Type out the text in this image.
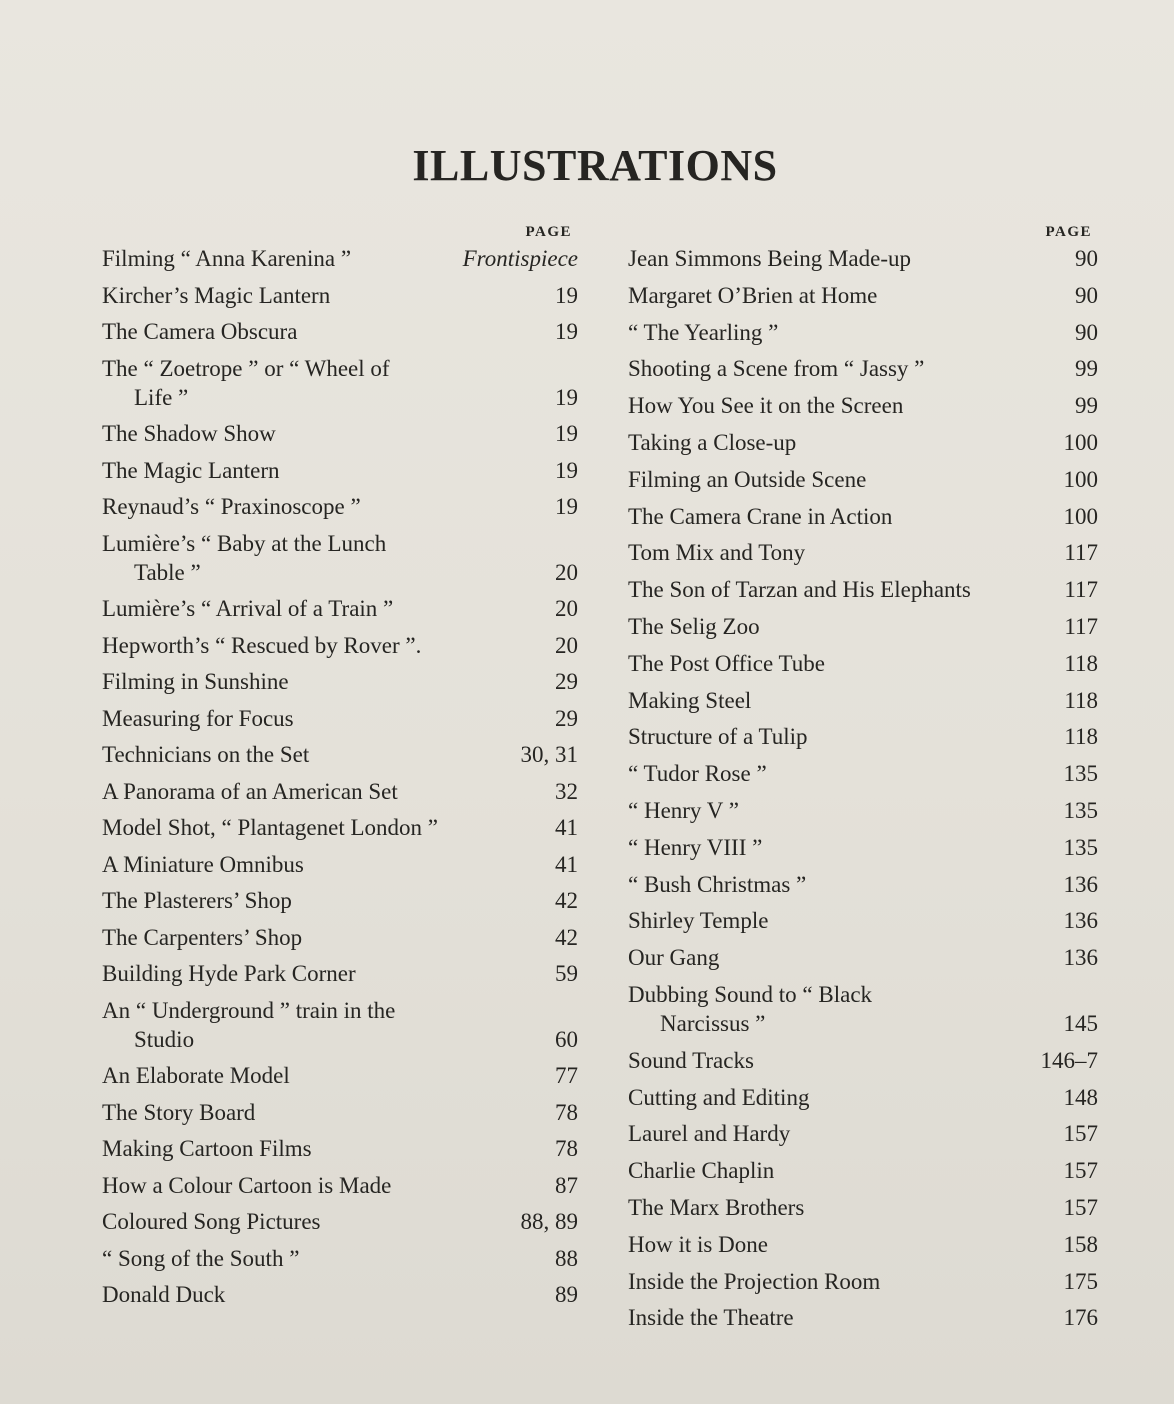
ILLUSTRATIONS
PAGE
Filming “ Anna Karenina ”	Frontispiece
Kircher’s Magic Lantern	19
The Camera Obscura	19
The “ Zoetrope ” or “ Wheel of
Life ”	19
The Shadow Show	19
The Magic Lantern	19
Reynaud’s “ Praxinoscope ”	19
Lumière’s “ Baby at the Lunch
Table ”	20
Lumière’s “ Arrival of a Train ”	20
Hepworth’s “ Rescued by Rover ”.	20
Filming in Sunshine	29
Measuring for Focus	29
Technicians on the Set	30, 31
A Panorama of an American Set	32
Model Shot, “ Plantagenet London ”	41
A Miniature Omnibus	41
The Plasterers’ Shop	42
The Carpenters’ Shop	42
Building Hyde Park Corner	59
An “ Underground ” train in the
Studio	60
An Elaborate Model	77
The Story Board	78
Making Cartoon Films	78
How a Colour Cartoon is Made	87
Coloured Song Pictures	88, 89
“ Song of the South ”	88
Donald Duck	89
PAGE
Jean Simmons Being Made-up	90
Margaret O’Brien at Home	90
“ The Yearling ”	90
Shooting a Scene from “ Jassy ”	99
How You See it on the Screen	99
Taking a Close-up	100
Filming an Outside Scene	100
The Camera Crane in Action	100
Tom Mix and Tony	117
The Son of Tarzan and His Elephants	117
The Selig Zoo	117
The Post Office Tube	118
Making Steel	118
Structure of a Tulip	118
“ Tudor Rose ”	135
“ Henry V ”	135
“ Henry VIII ”	135
“ Bush Christmas ”	136
Shirley Temple	136
Our Gang	136
Dubbing Sound to “ Black
Narcissus ”	145
Sound Tracks	146–7
Cutting and Editing	148
Laurel and Hardy	157
Charlie Chaplin	157
The Marx Brothers	157
How it is Done	158
Inside the Projection Room	175
Inside the Theatre	176
